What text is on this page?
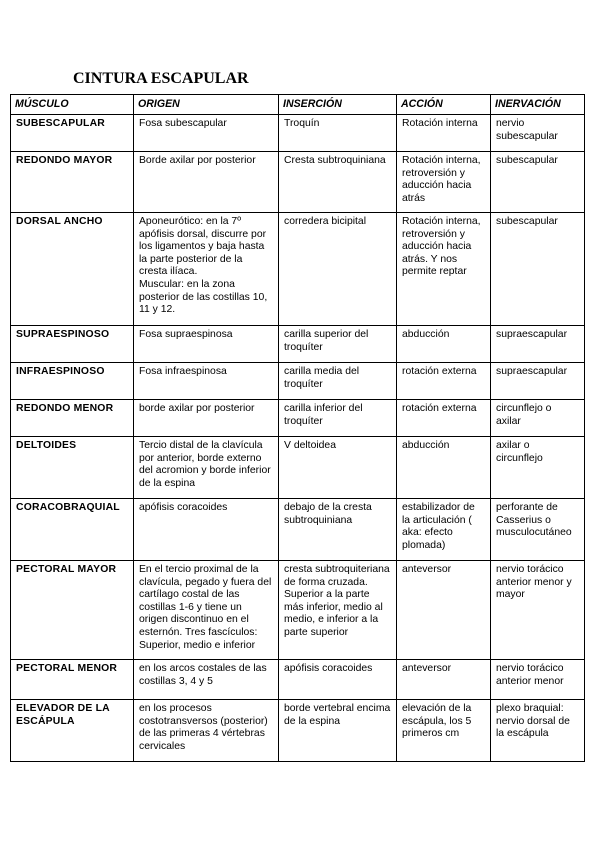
CINTURA ESCAPULAR
MÚSCULO	ORIGEN	INSERCIÓN	ACCIÓN	INERVACIÓN

SUBESCAPULAR	Fosa subescapular	Troquín	Rotación interna	nervio subescapular

REDONDO MAYOR	Borde axilar por posterior	Cresta subtroquiniana	Rotación interna, retroversión y aducción hacia atrás	subescapular

DORSAL ANCHO	Aponeurótico: en la 7º apófisis dorsal, discurre por los ligamentos y baja hasta la parte posterior de la cresta ilíaca.
Muscular: en la zona posterior de las costillas 10, 11 y 12.	corredera bicipital	Rotación interna, retroversión y aducción hacia atrás. Y nos permite reptar	subescapular

SUPRAESPINOSO	Fosa supraespinosa	carilla superior del troquíter	abducción	supraescapular

INFRAESPINOSO	Fosa infraespinosa	carilla media del troquíter	rotación externa	supraescapular

REDONDO MENOR	borde axilar por posterior	carilla inferior del troquíter	rotación externa	circunflejo o axilar

DELTOIDES	Tercio distal de la clavícula por anterior, borde externo del acromion y borde inferior de la espina	V deltoidea	abducción	axilar o circunflejo

CORACOBRAQUIAL	apófisis coracoides	debajo de la cresta subtroquiniana	estabilizador de la articulación ( aka: efecto plomada)	perforante de Casserius o musculocutáneo

PECTORAL MAYOR	En el tercio proximal de la clavícula, pegado y fuera del cartílago costal de las costillas 1-6 y tiene un origen discontinuo en el esternón. Tres fascículos: Superior, medio e inferior	cresta subtroquiteriana de forma cruzada. Superior a la parte más inferior, medio al medio, e inferior a la parte superior	anteversor	nervio torácico anterior menor y mayor

PECTORAL MENOR	en los arcos costales de las costillas 3, 4 y 5	apófisis coracoides	anteversor	nervio torácico anterior menor

ELEVADOR DE LA ESCÁPULA	en los procesos costotransversos (posterior) de las primeras 4 vértebras cervicales	borde vertebral encima de la espina	elevación de la escápula, los 5 primeros cm	plexo braquial: nervio dorsal de la escápula
